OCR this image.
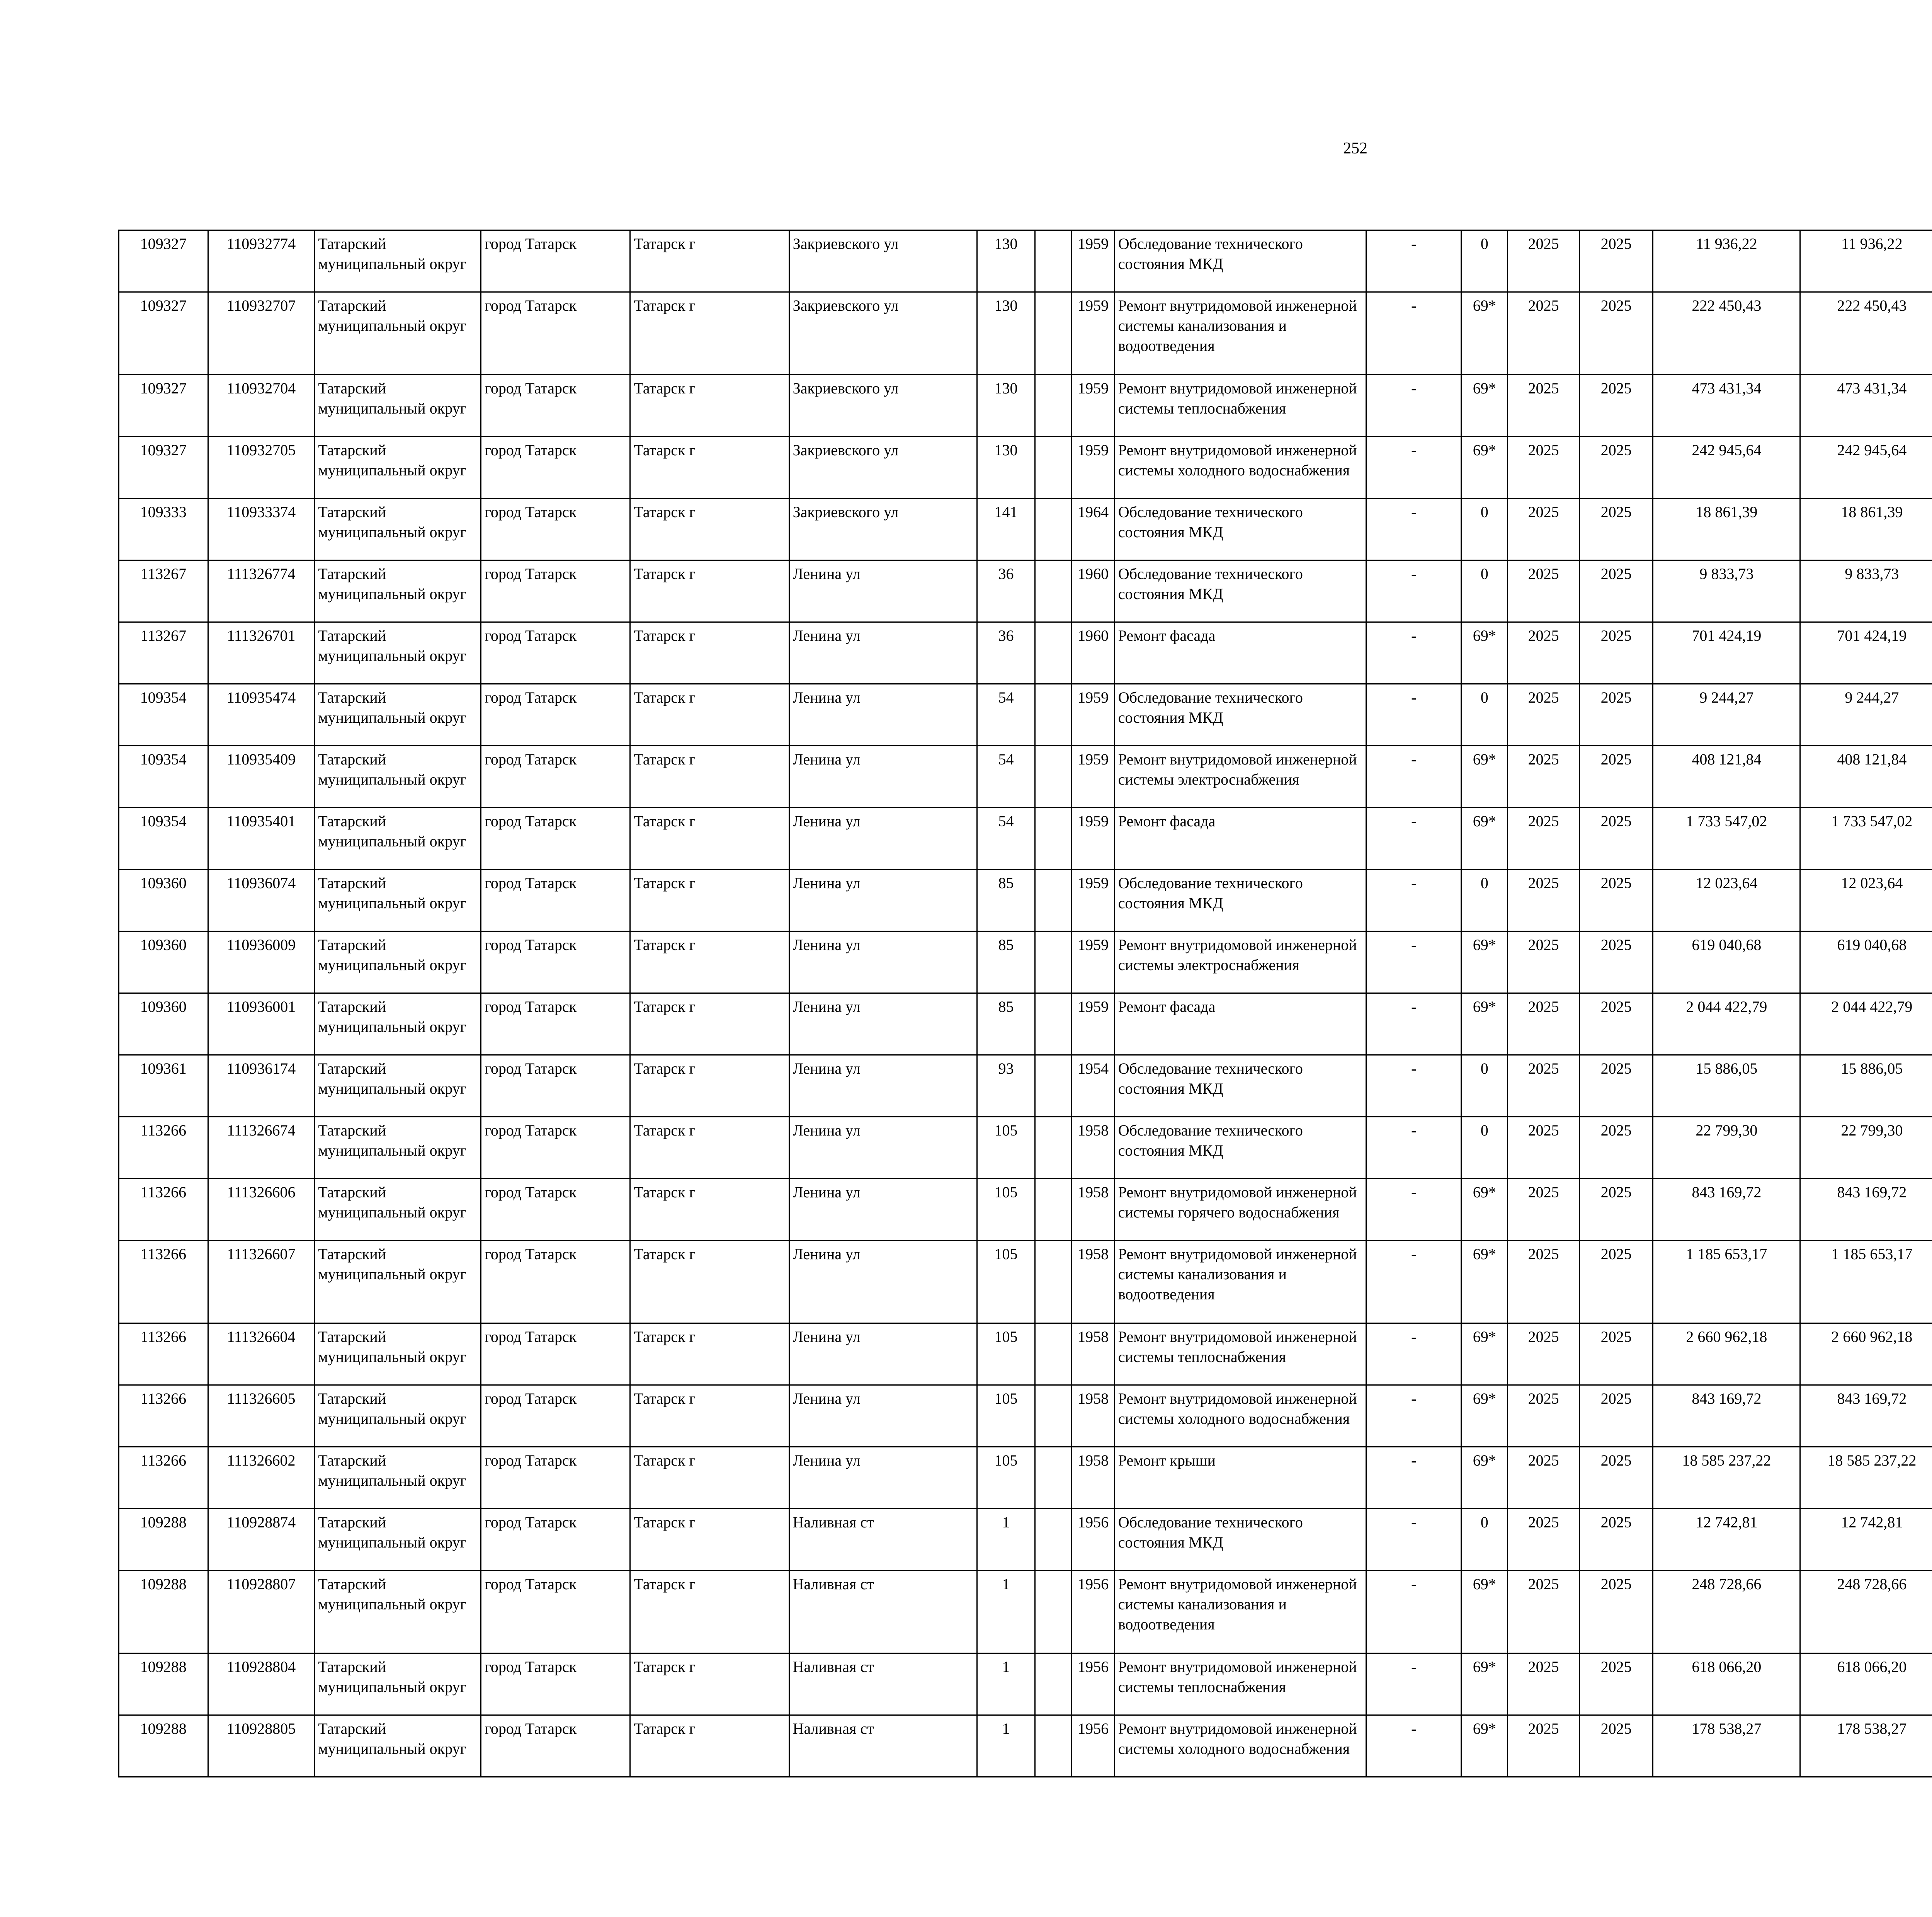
252
109327	110932774	Татарский муниципальный округ	город Татарск	Татарск г	Закриевского ул	130		1959	Обследование технического состояния МКД	-	0	2025	2025	11 936,22	11 936,22						
109327	110932707	Татарский муниципальный округ	город Татарск	Татарск г	Закриевского ул	130		1959	Ремонт внутридомовой инженерной системы канализования и водоотведения	-	69*	2025	2025	222 450,43	222 450,43						
109327	110932704	Татарский муниципальный округ	город Татарск	Татарск г	Закриевского ул	130		1959	Ремонт внутридомовой инженерной системы теплоснабжения	-	69*	2025	2025	473 431,34	473 431,34						
109327	110932705	Татарский муниципальный округ	город Татарск	Татарск г	Закриевского ул	130		1959	Ремонт внутридомовой инженерной системы холодного водоснабжения	-	69*	2025	2025	242 945,64	242 945,64						
109333	110933374	Татарский муниципальный округ	город Татарск	Татарск г	Закриевского ул	141		1964	Обследование технического состояния МКД	-	0	2025	2025	18 861,39	18 861,39						
113267	111326774	Татарский муниципальный округ	город Татарск	Татарск г	Ленина ул	36		1960	Обследование технического состояния МКД	-	0	2025	2025	9 833,73	9 833,73						
113267	111326701	Татарский муниципальный округ	город Татарск	Татарск г	Ленина ул	36		1960	Ремонт фасада	-	69*	2025	2025	701 424,19	701 424,19						
109354	110935474	Татарский муниципальный округ	город Татарск	Татарск г	Ленина ул	54		1959	Обследование технического состояния МКД	-	0	2025	2025	9 244,27	9 244,27						
109354	110935409	Татарский муниципальный округ	город Татарск	Татарск г	Ленина ул	54		1959	Ремонт внутридомовой инженерной системы электроснабжения	-	69*	2025	2025	408 121,84	408 121,84						
109354	110935401	Татарский муниципальный округ	город Татарск	Татарск г	Ленина ул	54		1959	Ремонт фасада	-	69*	2025	2025	1 733 547,02	1 733 547,02						
109360	110936074	Татарский муниципальный округ	город Татарск	Татарск г	Ленина ул	85		1959	Обследование технического состояния МКД	-	0	2025	2025	12 023,64	12 023,64						
109360	110936009	Татарский муниципальный округ	город Татарск	Татарск г	Ленина ул	85		1959	Ремонт внутридомовой инженерной системы электроснабжения	-	69*	2025	2025	619 040,68	619 040,68						
109360	110936001	Татарский муниципальный округ	город Татарск	Татарск г	Ленина ул	85		1959	Ремонт фасада	-	69*	2025	2025	2 044 422,79	2 044 422,79						
109361	110936174	Татарский муниципальный округ	город Татарск	Татарск г	Ленина ул	93		1954	Обследование технического состояния МКД	-	0	2025	2025	15 886,05	15 886,05						
113266	111326674	Татарский муниципальный округ	город Татарск	Татарск г	Ленина ул	105		1958	Обследование технического состояния МКД	-	0	2025	2025	22 799,30	22 799,30						
113266	111326606	Татарский муниципальный округ	город Татарск	Татарск г	Ленина ул	105		1958	Ремонт внутридомовой инженерной системы горячего водоснабжения	-	69*	2025	2025	843 169,72	843 169,72						
113266	111326607	Татарский муниципальный округ	город Татарск	Татарск г	Ленина ул	105		1958	Ремонт внутридомовой инженерной системы канализования и водоотведения	-	69*	2025	2025	1 185 653,17	1 185 653,17						
113266	111326604	Татарский муниципальный округ	город Татарск	Татарск г	Ленина ул	105		1958	Ремонт внутридомовой инженерной системы теплоснабжения	-	69*	2025	2025	2 660 962,18	2 660 962,18						
113266	111326605	Татарский муниципальный округ	город Татарск	Татарск г	Ленина ул	105		1958	Ремонт внутридомовой инженерной системы холодного водоснабжения	-	69*	2025	2025	843 169,72	843 169,72						
113266	111326602	Татарский муниципальный округ	город Татарск	Татарск г	Ленина ул	105		1958	Ремонт крыши	-	69*	2025	2025	18 585 237,22	18 585 237,22						
109288	110928874	Татарский муниципальный округ	город Татарск	Татарск г	Наливная ст	1		1956	Обследование технического состояния МКД	-	0	2025	2025	12 742,81	12 742,81						
109288	110928807	Татарский муниципальный округ	город Татарск	Татарск г	Наливная ст	1		1956	Ремонт внутридомовой инженерной системы канализования и водоотведения	-	69*	2025	2025	248 728,66	248 728,66						
109288	110928804	Татарский муниципальный округ	город Татарск	Татарск г	Наливная ст	1		1956	Ремонт внутридомовой инженерной системы теплоснабжения	-	69*	2025	2025	618 066,20	618 066,20						
109288	110928805	Татарский муниципальный округ	город Татарск	Татарск г	Наливная ст	1		1956	Ремонт внутридомовой инженерной системы холодного водоснабжения	-	69*	2025	2025	178 538,27	178 538,27						
